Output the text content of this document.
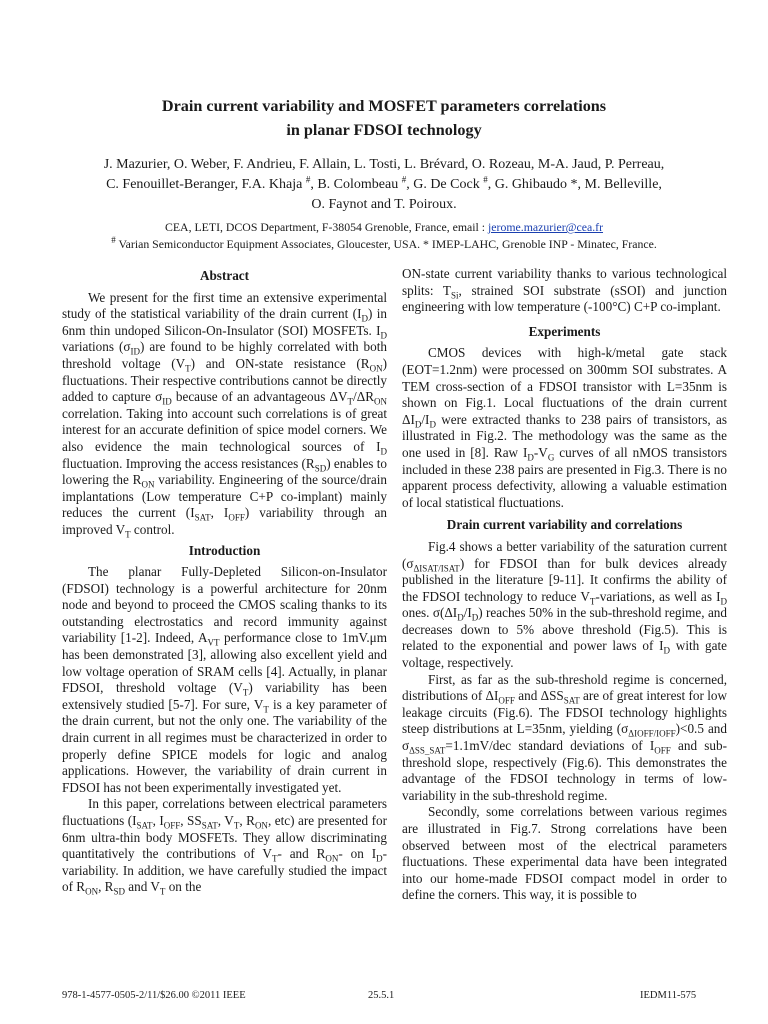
Drain current variability and MOSFET parameters correlations
in planar FDSOI technology
J. Mazurier, O. Weber, F. Andrieu, F. Allain, L. Tosti, L. Brévard, O. Rozeau, M-A. Jaud, P. Perreau,
C. Fenouillet-Beranger, F.A. Khaja #, B. Colombeau #, G. De Cock #, G. Ghibaudo *, M. Belleville,
O. Faynot and T. Poiroux.
CEA, LETI, DCOS Department, F-38054 Grenoble, France, email : jerome.mazurier@cea.fr
# Varian Semiconductor Equipment Associates, Gloucester, USA. * IMEP-LAHC, Grenoble INP - Minatec, France.
Abstract

We present for the first time an extensive experimental study of the statistical variability of the drain current $(I_D)$ in 6nm thin undoped Silicon-On-Insulator (SOI) MOSFETs. $I_D$ variations $(\sigma_{ID})$ are found to be highly correlated with both threshold voltage $(V_T)$ and ON-state resistance $(R_{ON})$ fluctuations. Their respective contributions cannot be directly added to capture $\sigma_{ID}$ because of an advantageous $\Delta V_T/\Delta R_{ON}$ correlation. Taking into account such correlations is of great interest for an accurate definition of spice model corners. We also evidence the main technological sources of $I_D$ fluctuation. Improving the access resistances $(R_{SD})$ enables to lowering the $R_{ON}$ variability. Engineering of the source/drain implantations (Low temperature C+P co-implant) mainly reduces the current ($I_{SAT}$, $I_{OFF}$) variability through an improved $V_T$ control.

Introduction

The planar Fully-Depleted Silicon-on-Insulator (FDSOI) technology is a powerful architecture for 20nm node and beyond to proceed the CMOS scaling thanks to its outstanding electrostatics and record immunity against variability [1-2]. Indeed, $A_{VT}$ performance close to 1mV.μm has been demonstrated [3], allowing also excellent yield and low voltage operation of SRAM cells [4]. Actually, in planar FDSOI, threshold voltage $(V_T)$ variability has been extensively studied [5-7]. For sure, $V_T$ is a key parameter of the drain current, but not the only one. The variability of the drain current in all regimes must be characterized in order to properly define SPICE models for logic and analog applications. However, the variability of drain current in FDSOI has not been experimentally investigated yet.

In this paper, correlations between electrical parameters fluctuations ($I_{SAT}$, $I_{OFF}$, $SS_{SAT}$, $V_T$, $R_{ON}$, etc) are presented for 6nm ultra-thin body MOSFETs. They allow discriminating quantitatively the contributions of $V_T-$ and $R_{ON}-$ on $I_D$-variability. In addition, we have carefully studied the impact of $R_{ON}$, $R_{SD}$ and $V_T$ on the

ON-state current variability thanks to various technological splits: $T_{Si}$, strained SOI substrate (sSOI) and junction engineering with low temperature (-100°C) C+P co-implant.

Experiments

CMOS devices with high-k/metal gate stack (EOT=1.2nm) were processed on 300mm SOI substrates. A TEM cross-section of a FDSOI transistor with L=35nm is shown on Fig.1. Local fluctuations of the drain current $\Delta I_D/I_D$ were extracted thanks to 238 pairs of transistors, as illustrated in Fig.2. The methodology was the same as the one used in [8]. Raw $I_D-V_G$ curves of all nMOS transistors included in these 238 pairs are presented in Fig.3. There is no apparent process defectivity, allowing a valuable estimation of local statistical fluctuations.

Drain current variability and correlations

Fig.4 shows a better variability of the saturation current $(\sigma_{\Delta ISAT/ISAT})$ for FDSOI than for bulk devices already published in the literature [9-11]. It confirms the ability of the FDSOI technology to reduce $V_T$-variations, as well as $I_D$ ones. $\sigma(\Delta I_D/I_D)$ reaches 50% in the sub-threshold regime, and decreases down to 5% above threshold (Fig.5). This is related to the exponential and power laws of $I_D$ with gate voltage, respectively.

First, as far as the sub-threshold regime is concerned, distributions of $\Delta I_{OFF}$ and $\Delta SS_{SAT}$ are of great interest for low leakage circuits (Fig.6). The FDSOI technology highlights steep distributions at L=35nm, yielding $(\sigma_{\Delta IOFF/IOFF})<0.5$ and $\sigma_{\Delta SS\_SAT}=1.1mV$/dec standard deviations of $I_{OFF}$ and sub-threshold slope, respectively (Fig.6). This demonstrates the advantage of the FDSOI technology in terms of low-variability in the sub-threshold regime.

Secondly, some correlations between various regimes are illustrated in Fig.7. Strong correlations have been observed between most of the electrical parameters fluctuations. These experimental data have been integrated into our home-made FDSOI compact model in order to define the corners. This way, it is possible to

978-1-4577-0505-2/11/$26.00 ©2011 IEEE	25.5.1	IEDM11-575
